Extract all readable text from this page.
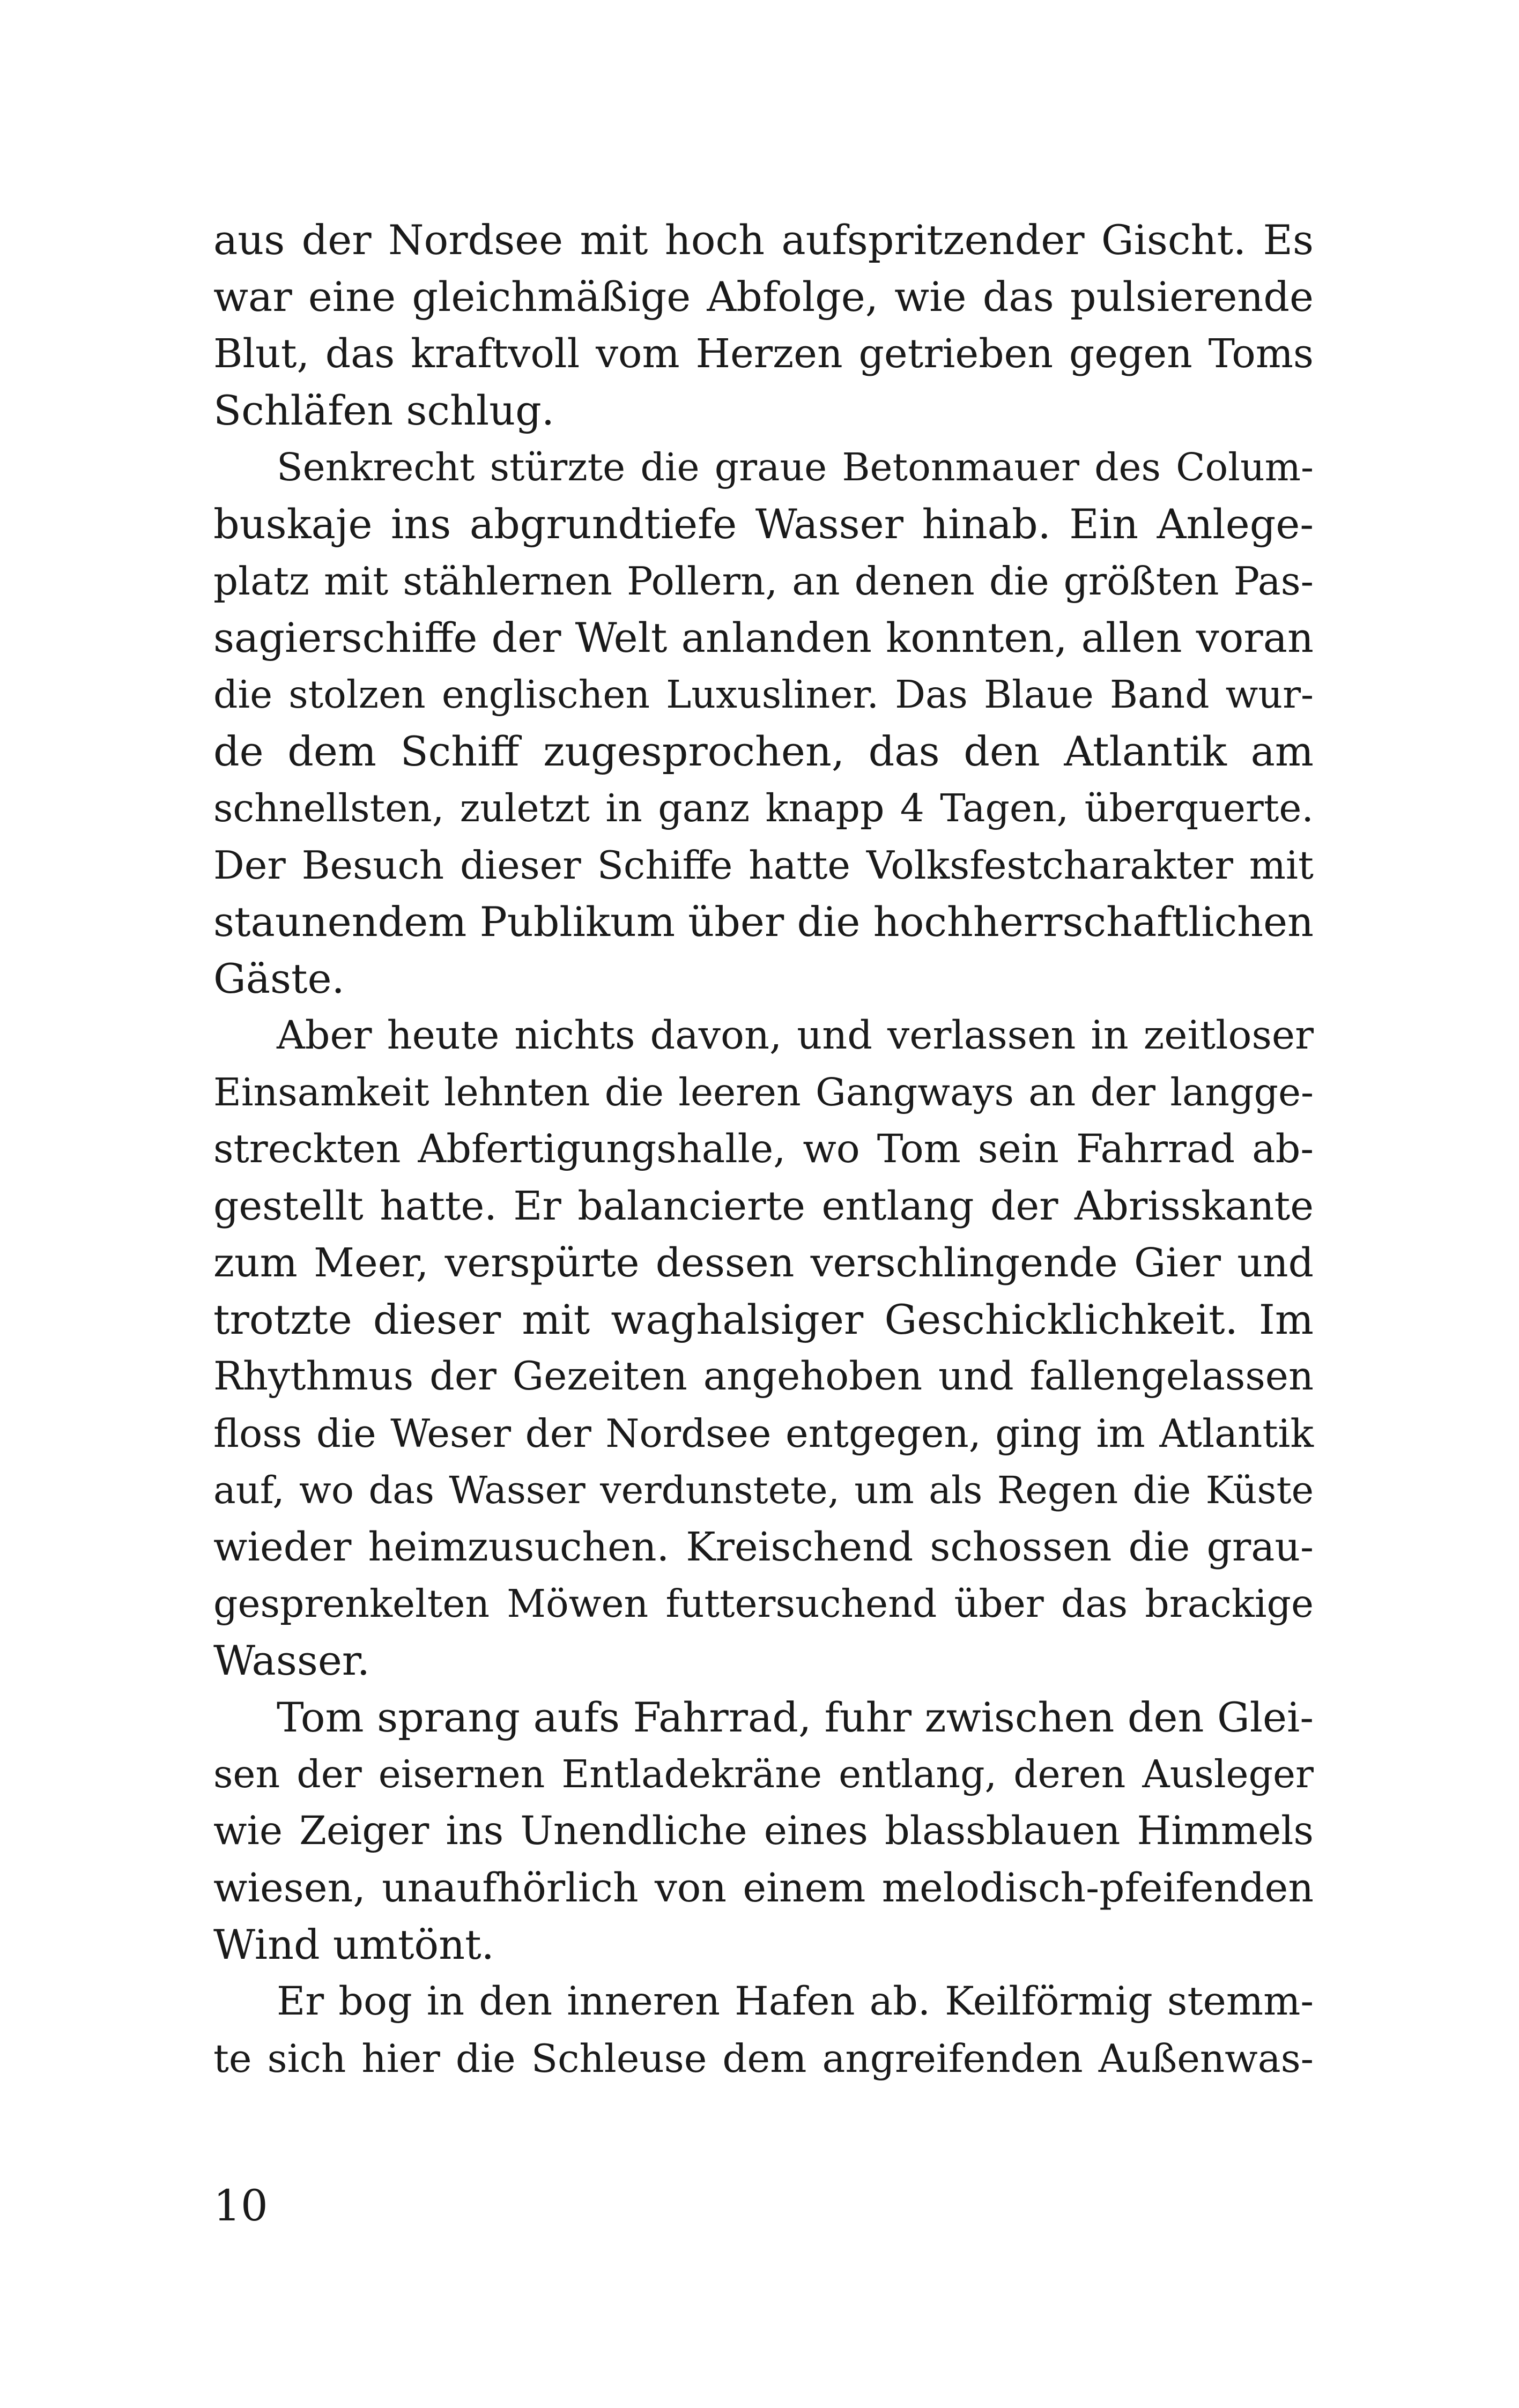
aus der Nordsee mit hoch aufspritzender Gischt. Es
war eine gleichmäßige Abfolge, wie das pulsierende
Blut, das kraftvoll vom Herzen getrieben gegen Toms
Schläfen schlug.
Senkrecht stürzte die graue Betonmauer des Colum-
buskaje ins abgrundtiefe Wasser hinab. Ein Anlege-
platz mit stählernen Pollern, an denen die größten Pas-
sagierschiffe der Welt anlanden konnten, allen voran
die stolzen englischen Luxusliner. Das Blaue Band wur-
de dem Schiff zugesprochen, das den Atlantik am
schnellsten, zuletzt in ganz knapp 4 Tagen, überquerte.
Der Besuch dieser Schiffe hatte Volksfestcharakter mit
staunendem Publikum über die hochherrschaftlichen
Gäste.
Aber heute nichts davon, und verlassen in zeitloser
Einsamkeit lehnten die leeren Gangways an der langge-
streckten Abfertigungshalle, wo Tom sein Fahrrad ab-
gestellt hatte. Er balancierte entlang der Abrisskante
zum Meer, verspürte dessen verschlingende Gier und
trotzte dieser mit waghalsiger Geschicklichkeit. Im
Rhythmus der Gezeiten angehoben und fallengelassen
floss die Weser der Nordsee entgegen, ging im Atlantik
auf, wo das Wasser verdunstete, um als Regen die Küste
wieder heimzusuchen. Kreischend schossen die grau-
gesprenkelten Möwen futtersuchend über das brackige
Wasser.
Tom sprang aufs Fahrrad, fuhr zwischen den Glei-
sen der eisernen Entladekräne entlang, deren Ausleger
wie Zeiger ins Unendliche eines blassblauen Himmels
wiesen, unaufhörlich von einem melodisch-pfeifenden
Wind umtönt.
Er bog in den inneren Hafen ab. Keilförmig stemm-
te sich hier die Schleuse dem angreifenden Außenwas-
10
